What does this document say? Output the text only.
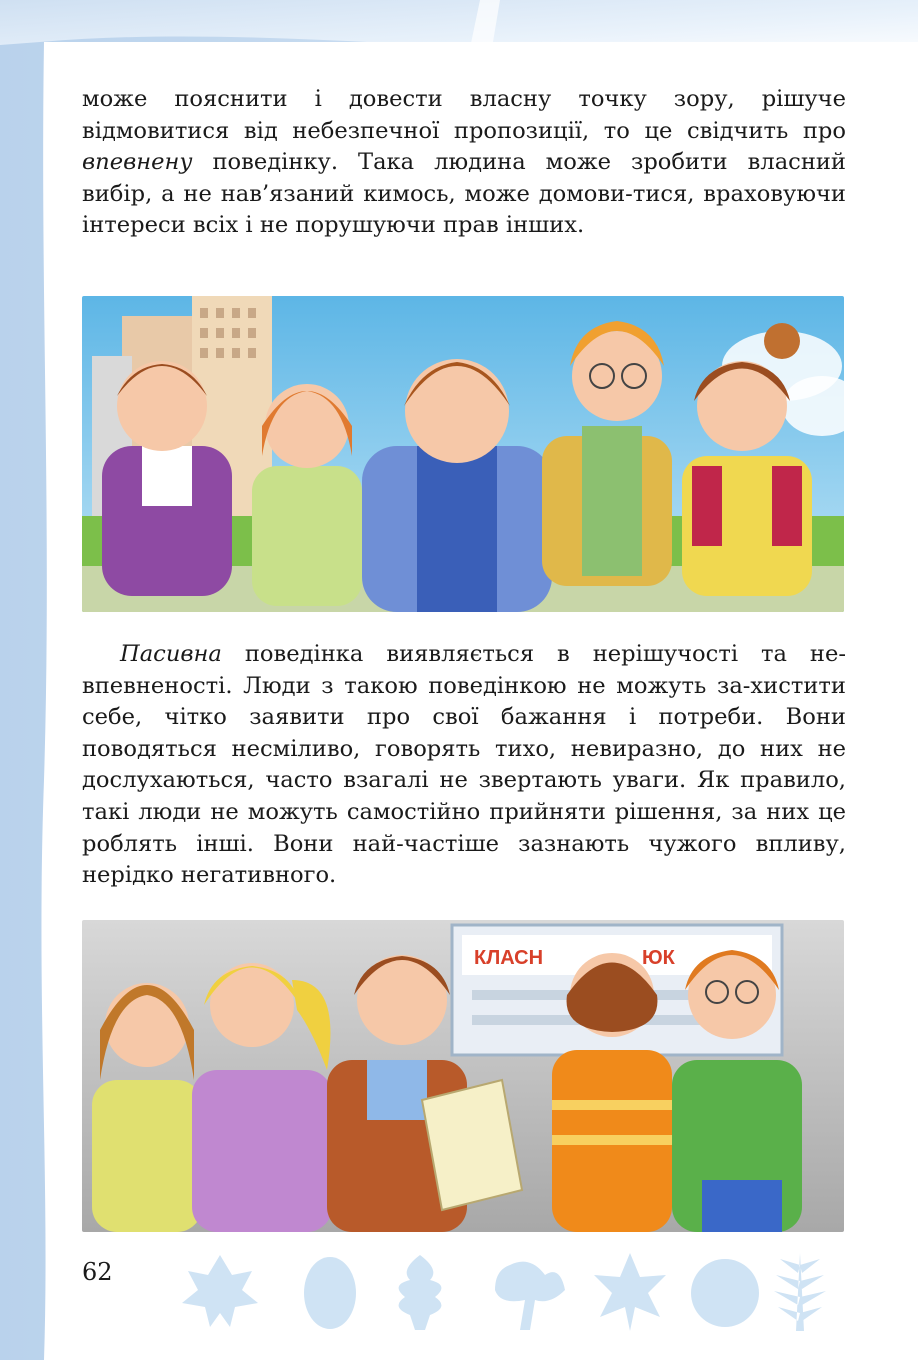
може пояснити і довести власну точку зору, рішуче відмовитися від небезпечної пропозиції, то це свідчить про впевнену поведінку. Така людина може зробити власний вибір, а не нав’язаний кимось, може домови-тися, враховуючи інтереси всіх і не порушуючи прав інших.

Пасивна поведінка виявляється в нерішучості та не-впевненості. Люди з такою поведінкою не можуть за-хистити себе, чітко заявити про свої бажання і потреби. Вони поводяться несміливо, говорять тихо, невиразно, до них не дослухаються, часто взагалі не звертають уваги. Як правило, такі люди не можуть самостійно прийняти рішення, за них це роблять інші. Вони най-частіше зазнають чужого впливу, нерідко негативного.

КЛАСН	ЮК
62
